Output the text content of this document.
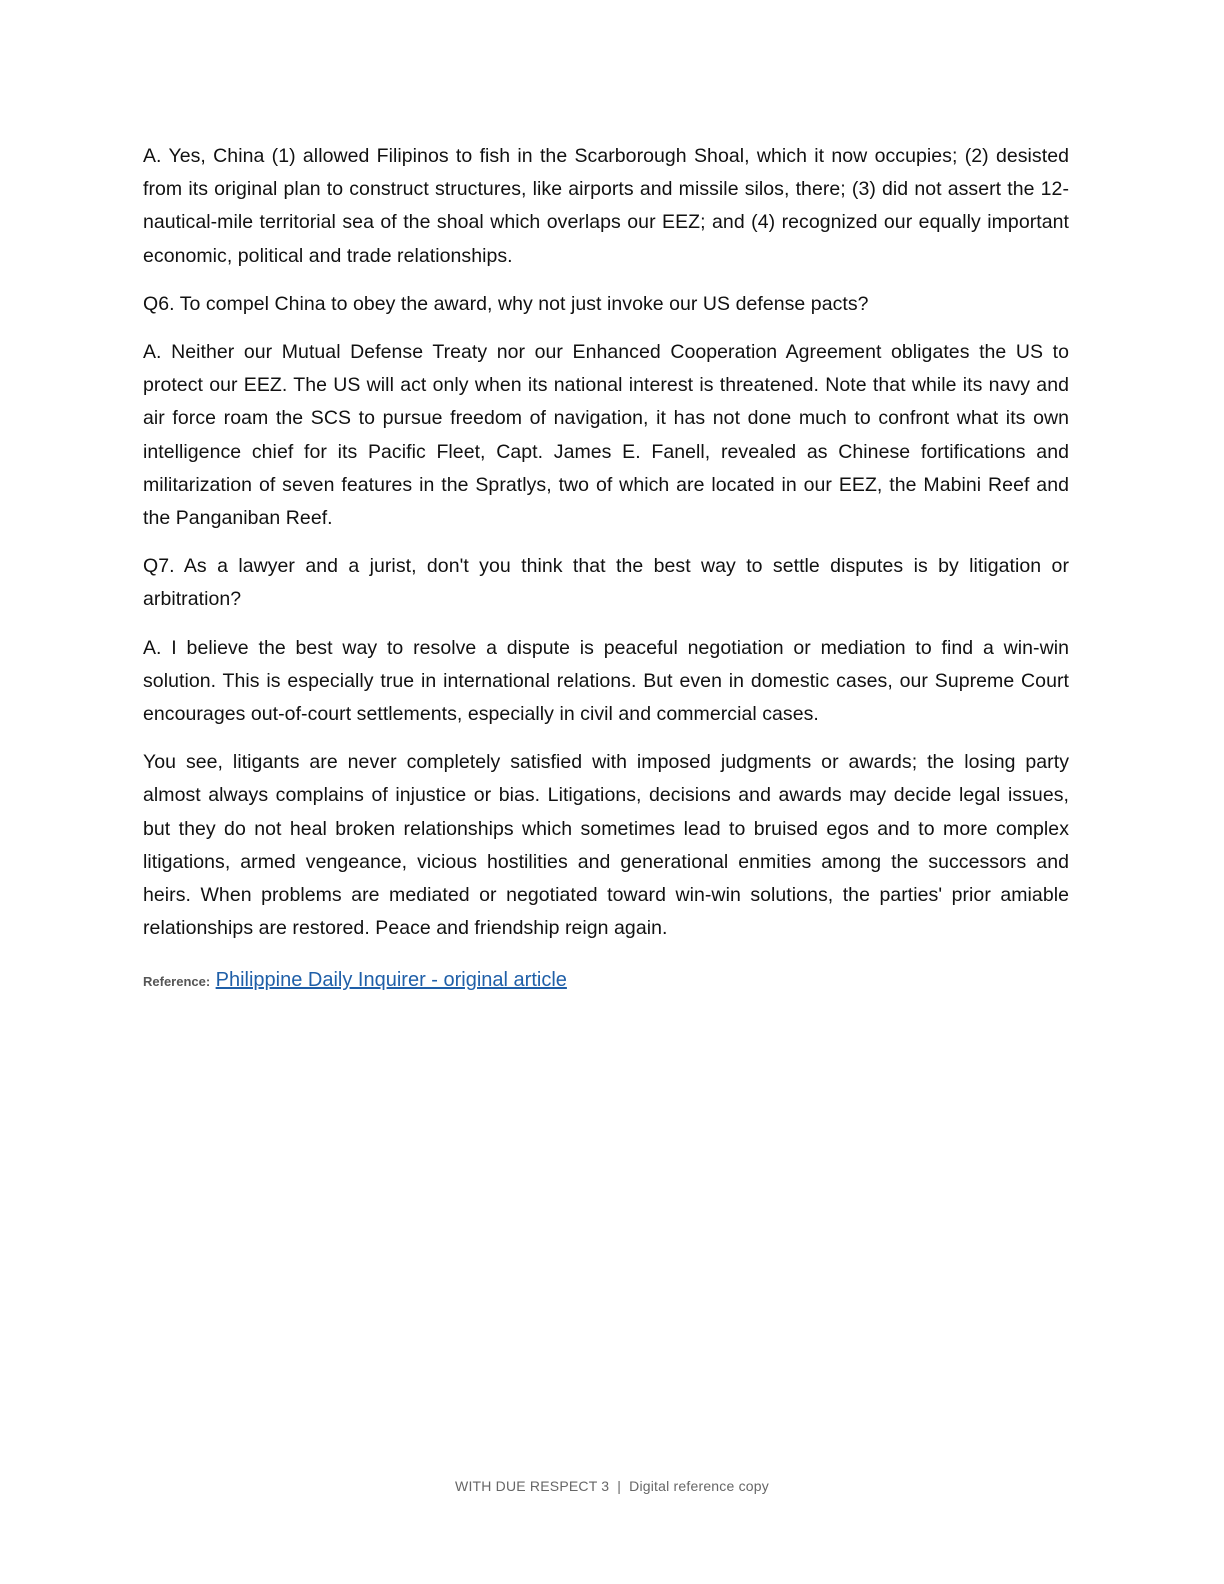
A. Yes, China (1) allowed Filipinos to fish in the Scarborough Shoal, which it now occupies; (2) desisted from its original plan to construct structures, like airports and missile silos, there; (3) did not assert the 12-nautical-mile territorial sea of the shoal which overlaps our EEZ; and (4) recognized our equally important economic, political and trade relationships.

Q6. To compel China to obey the award, why not just invoke our US defense pacts?

A. Neither our Mutual Defense Treaty nor our Enhanced Cooperation Agreement obligates the US to protect our EEZ. The US will act only when its national interest is threatened. Note that while its navy and air force roam the SCS to pursue freedom of navigation, it has not done much to confront what its own intelligence chief for its Pacific Fleet, Capt. James E. Fanell, revealed as Chinese fortifications and militarization of seven features in the Spratlys, two of which are located in our EEZ, the Mabini Reef and the Panganiban Reef.

Q7. As a lawyer and a jurist, don't you think that the best way to settle disputes is by litigation or arbitration?

A. I believe the best way to resolve a dispute is peaceful negotiation or mediation to find a win-win solution. This is especially true in international relations. But even in domestic cases, our Supreme Court encourages out-of-court settlements, especially in civil and commercial cases.

You see, litigants are never completely satisfied with imposed judgments or awards; the losing party almost always complains of injustice or bias. Litigations, decisions and awards may decide legal issues, but they do not heal broken relationships which sometimes lead to bruised egos and to more complex litigations, armed vengeance, vicious hostilities and generational enmities among the successors and heirs. When problems are mediated or negotiated toward win-win solutions, the parties' prior amiable relationships are restored. Peace and friendship reign again.

Reference: Philippine Daily Inquirer - original article
WITH DUE RESPECT 3 | Digital reference copy
